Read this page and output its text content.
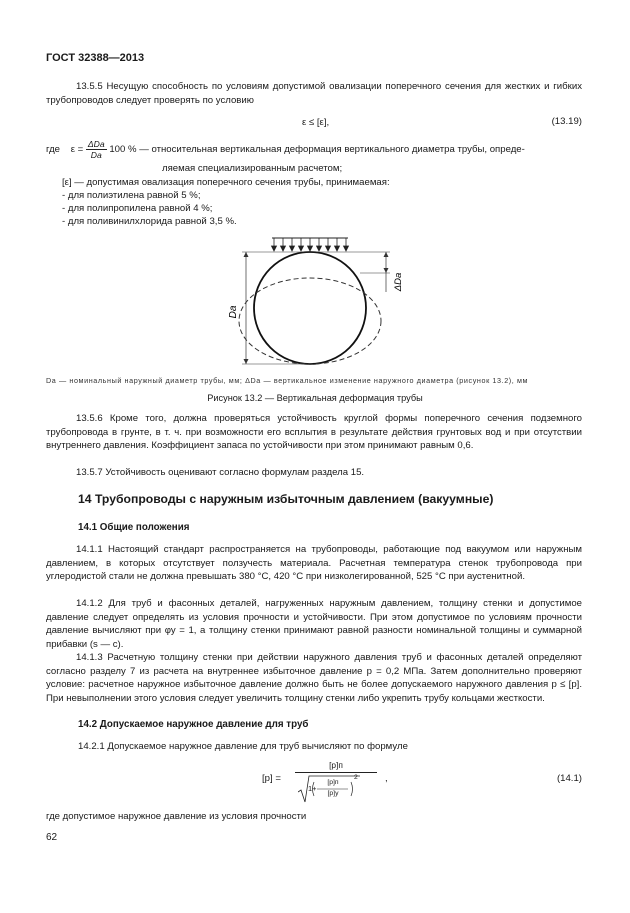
ГОСТ 32388—2013

13.5.5 Несущую способность по условиям допустимой овализации поперечного сечения для жестких и гибких трубопроводов следует проверять по условию

ε ≤ [ε],	(13.19)
где $\varepsilon = \frac{\text{ΔDa}}{Da} 100$ % — относительная вертикальная деформация вертикального диаметра трубы, опреде-
ляемая специализированным расчетом;
[ε] — допустимая овализация поперечного сечения трубы, принимаемая:
- для полиэтилена равной 5 %;
- для полипропилена равной 4 %;
- для поливинилхлорида равной 3,5 %.
Da
ΔDa
Da — номинальный наружный диаметр трубы, мм; ΔDa — вертикальное изменение наружного диаметра (рисунок 13.2), мм
Рисунок 13.2 — Вертикальная деформация трубы

13.5.6 Кроме того, должна проверяться устойчивость круглой формы поперечного сечения подземного трубопровода в грунте, в т. ч. при возможности его всплытия в результате действия грунтовых вод и при отсутствии внутреннего давления. Коэффициент запаса по устойчивости при этом принимают равным 0,6.

13.5.7 Устойчивость оценивают согласно формулам раздела 15.

14 Трубопроводы с наружным избыточным давлением (вакуумные)
14.1 Общие положения

14.1.1 Настоящий стандарт распространяется на трубопроводы, работающие под вакуумом или наружным давлением, в которых отсутствует ползучесть материала. Расчетная температура стенок трубопровода при углеродистой стали не должна превышать 380 °C, 420 °C при низколегированной, 525 °C при аустенитной.

14.1.2 Для труб и фасонных деталей, нагруженных наружным давлением, толщину стенки и допустимое давление следует определять из условия прочности и устойчивости. При этом допустимое по условиям прочности давление вычисляют при φy = 1, а толщину стенки принимают равной разности номинальной толщины и суммарной прибавки (s — c).

14.1.3 Расчетную толщину стенки при действии наружного давления труб и фасонных деталей определяют согласно разделу 7 из расчета на внутреннее избыточное давление p = 0,2 МПа. Затем дополнительно проверяют условие: расчетное наружное избыточное давление должно быть не более допускаемого наружного давления p ≤ [p]. При невыполнении этого условия следует увеличить толщину стенки либо укрепить трубу кольцами жесткости.

14.2 Допускаемое наружное давление для труб
14.2.1 Допускаемое наружное давление для труб вычисляют по формуле
[p] =
[p]п
1+
[p]п
[p]y
2	,	(14.1)
где допустимое наружное давление из условия прочности
62
